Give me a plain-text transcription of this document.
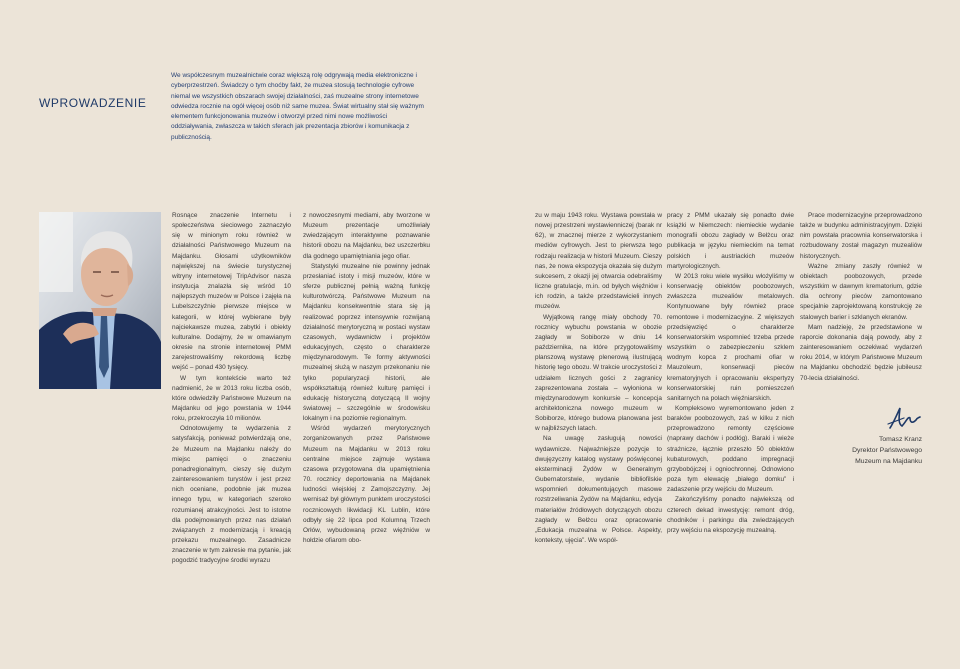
WPROWADZENIE

We współczesnym muzealnictwie coraz większą rolę odgrywają media elektroniczne i cyberprzestrzeń. Świadczy o tym choćby fakt, że muzea stosują technologie cyfrowe niemal we wszystkich obszarach swojej działalności, zaś muzealne strony internetowe odwiedza rocznie na ogół więcej osób niż same muzea. Świat wirtualny stał się ważnym elementem funkcjonowania muzeów i otworzył przed nimi nowe możliwości oddziaływania, zwłaszcza w takich sferach jak prezentacja zbiorów i komunikacja z publicznością.

Rosnące znaczenie Internetu i społeczeństwa sieciowego zaznaczyło się w minionym roku również w działalności Państwowego Muzeum na Majdanku. Głosami użytkowników największej na świecie turystycznej witryny internetowej TripAdvisor nasza instytucja znalazła się wśród 10 najlepszych muzeów w Polsce i zajęła na Lubelszczyźnie pierwsze miejsce w kategorii, w której wybierane były najciekawsze muzea, zabytki i obiekty kulturalne. Dodajmy, że w omawianym okresie na stronie internetowej PMM zarejestrowaliśmy rekordową liczbę wejść – ponad 430 tysięcy.

W tym kontekście warto też nadmienić, że w 2013 roku liczba osób, które odwiedziły Państwowe Muzeum na Majdanku od jego powstania w 1944 roku, przekroczyła 10 milionów.

Odnotowujemy te wydarzenia z satysfakcją, ponieważ potwierdzają one, że Muzeum na Majdanku należy do miejsc pamięci o znaczeniu ponadregionalnym, cieszy się dużym zainteresowaniem turystów i jest przez nich oceniane, podobnie jak muzea innego typu, w kategoriach szeroko rozumianej atrakcyjności. Jest to istotne dla podejmowanych przez nas działań związanych z modernizacją i kreacją przekazu muzealnego. Zasadnicze znaczenie w tym zakresie ma pytanie, jak pogodzić tradycyjne środki wyrazu

z nowoczesnymi mediami, aby tworzone w Muzeum prezentacje umożliwiały zwiedzającym interaktywne poznawanie historii obozu na Majdanku, bez uszczerbku dla godnego upamiętniania jego ofiar.

Statystyki muzealne nie powinny jednak przesłaniać istoty i misji muzeów, które w sferze publicznej pełnią ważną funkcję kulturotwórczą. Państwowe Muzeum na Majdanku konsekwentnie stara się ją realizować poprzez intensywnie rozwijaną działalność merytoryczną w postaci wystaw czasowych, wydawnictw i projektów edukacyjnych, często o charakterze międzynarodowym. Te formy aktywności muzealnej służą w naszym przekonaniu nie tylko popularyzacji historii, ale współkształtują również kulturę pamięci i edukację historyczną dotyczącą II wojny światowej – szczególnie w środowisku lokalnym i na poziomie regionalnym.

Wśród wydarzeń merytorycznych zorganizowanych przez Państwowe Muzeum na Majdanku w 2013 roku centralne miejsce zajmuje wystawa czasowa przygotowana dla upamiętnienia 70. rocznicy deportowania na Majdanek ludności wiejskiej z Zamojszczyzny. Jej wernisaż był głównym punktem uroczystości rocznicowych likwidacji KL Lublin, które odbyły się 22 lipca pod Kolumną Trzech Orłów, wybudowaną przez więźniów w hołdzie ofiarom obo-

zu w maju 1943 roku. Wystawa powstała w nowej przestrzeni wystawienniczej (barak nr 62), w znacznej mierze z wykorzystaniem mediów cyfrowych. Jest to pierwsza tego rodzaju realizacja w historii Muzeum. Cieszy nas, że nowa ekspozycja okazała się dużym sukcesem, z okazji jej otwarcia odebraliśmy liczne gratulacje, m.in. od byłych więźniów i ich rodzin, a także przedstawicieli innych muzeów.

Wyjątkową rangę miały obchody 70. rocznicy wybuchu powstania w obozie zagłady w Sobiborze w dniu 14 października, na które przygotowaliśmy planszową wystawę plenerową ilustrującą historię tego obozu. W trakcie uroczystości z udziałem licznych gości z zagranicy zaprezentowana została – wyłoniona w międzynarodowym konkursie – koncepcja architektoniczna nowego muzeum w Sobiborze, którego budowa planowana jest w najbliższych latach.

Na uwagę zasługują nowości wydawnicze. Najważniejsze pozycje to dwujęzyczny katalog wystawy poświęconej eksterminacji Żydów w Generalnym Gubernatorstwie, wydanie bibliofilskie wspomnień dokumentujących masowe rozstrzeliwania Żydów na Majdanku, edycja materiałów źródłowych dotyczących obozu zagłady w Bełżcu oraz opracowanie „Edukacja muzealna w Polsce. Aspekty, konteksty, ujęcia”. We współ-

pracy z PMM ukazały się ponadto dwie książki w Niemczech: niemieckie wydanie monografii obozu zagłady w Bełżcu oraz publikacja w języku niemieckim na temat polskich i austriackich muzeów martyrologicznych.

W 2013 roku wiele wysiłku włożyliśmy w konserwację obiektów poobozowych, zwłaszcza muzealiów metalowych. Kontynuowane były również prace remontowe i modernizacyjne. Z większych przedsięwzięć o charakterze konserwatorskim wspomnieć trzeba przede wszystkim o zabezpieczeniu szklem wodnym kopca z prochami ofiar w Mauzoleum, konserwacji pieców krematoryjnych i opracowaniu ekspertyzy konserwatorskiej ruin pomieszczeń sanitarnych na polach więźniarskich.

Kompleksowo wyremontowano jeden z baraków poobozowych, zaś w kilku z nich przeprowadzono remonty częściowe (naprawy dachów i podłóg). Baraki i wieże strażnicze, łącznie przeszło 50 obiektów kubaturowych, poddano impregnacji grzybobójczej i ogniochronnej. Odnowiono poza tym elewację „białego domku” i zadaszenie przy wejściu do Muzeum.

Zakończyliśmy ponadto najwiekszą od czterech dekad inwestycję: remont dróg, chodników i parkingu dla zwiedzających przy wejściu na ekspozycję muzealną.

Prace modernizacyjne przeprowadzono także w budynku administracyjnym. Dzięki nim powstała pracownia konserwatorska i rozbudowany został magazyn muzealiów historycznych.

Ważne zmiany zaszły również w obiektach poobozowych, przede wszystkim w dawnym krematorium, gdzie dla ochrony pieców zamontowano specjalnie zaprojektowaną konstrukcję ze stalowych barier i szklanych ekranów.

Mam nadzieję, że przedstawione w raporcie dokonania dają powody, aby z zainteresowaniem oczekiwać wydarzeń roku 2014, w którym Państwowe Muzeum na Majdanku obchodzić będzie jubileusz 70-lecia działalności.

Tomasz Kranz
Dyrektor Państwowego
Muzeum na Majdanku
